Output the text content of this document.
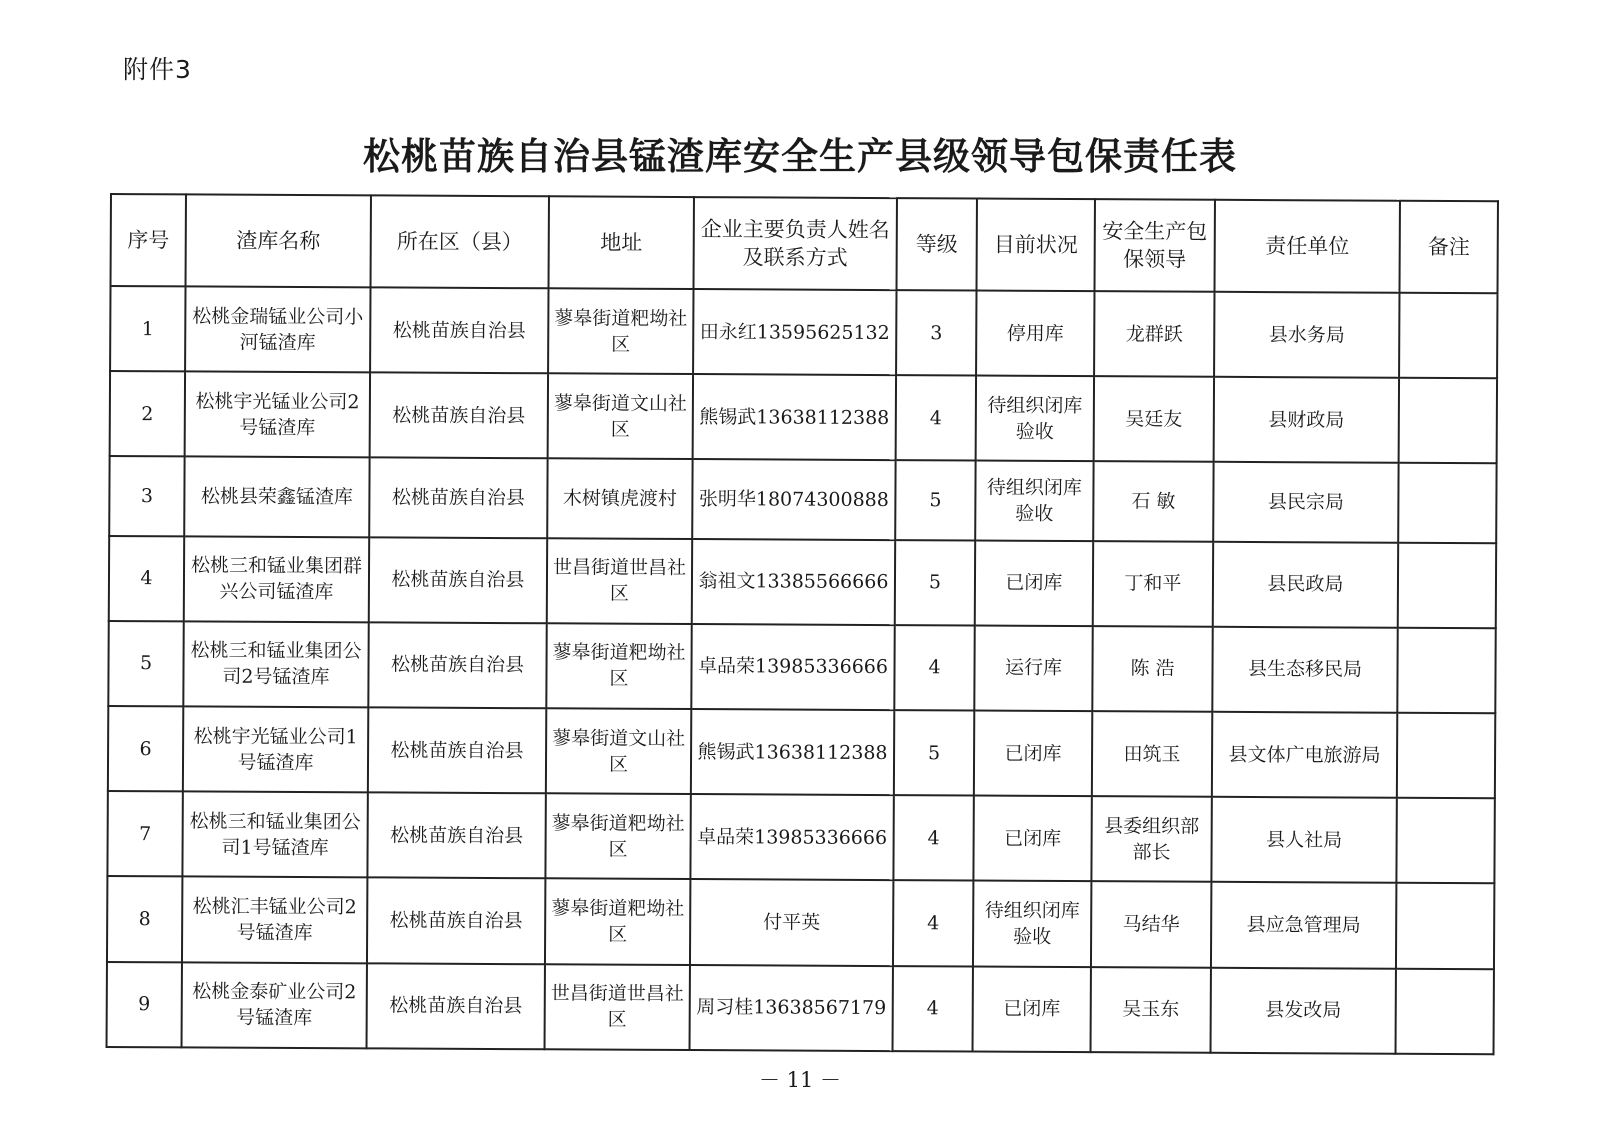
附件3
松桃苗族自治县锰渣库安全生产县级领导包保责任表
序号	渣库名称	所在区（县）	地址	企业主要负责人姓名及联系方式	等级	目前状况	安全生产包保领导	责任单位	备注
1	松桃金瑞锰业公司小河锰渣库	松桃苗族自治县	蓼皋街道粑坳社区	田永红13595625132	3	停用库	龙群跃	县水务局	
2	松桃宇光锰业公司2号锰渣库	松桃苗族自治县	蓼皋街道文山社区	熊锡武13638112388	4	待组织闭库验收	吴廷友	县财政局	
3	松桃县荣鑫锰渣库	松桃苗族自治县	木树镇虎渡村	张明华18074300888	5	待组织闭库验收	石 敏	县民宗局	
4	松桃三和锰业集团群兴公司锰渣库	松桃苗族自治县	世昌街道世昌社区	翁祖文13385566666	5	已闭库	丁和平	县民政局	
5	松桃三和锰业集团公司2号锰渣库	松桃苗族自治县	蓼皋街道粑坳社区	卓品荣13985336666	4	运行库	陈 浩	县生态移民局	
6	松桃宇光锰业公司1号锰渣库	松桃苗族自治县	蓼皋街道文山社区	熊锡武13638112388	5	已闭库	田筑玉	县文体广电旅游局	
7	松桃三和锰业集团公司1号锰渣库	松桃苗族自治县	蓼皋街道粑坳社区	卓品荣13985336666	4	已闭库	县委组织部部长	县人社局	
8	松桃汇丰锰业公司2号锰渣库	松桃苗族自治县	蓼皋街道粑坳社区	付平英	4	待组织闭库验收	马结华	县应急管理局	
9	松桃金泰矿业公司2号锰渣库	松桃苗族自治县	世昌街道世昌社区	周习桂13638567179	4	已闭库	吴玉东	县发改局	
－ 11 －
